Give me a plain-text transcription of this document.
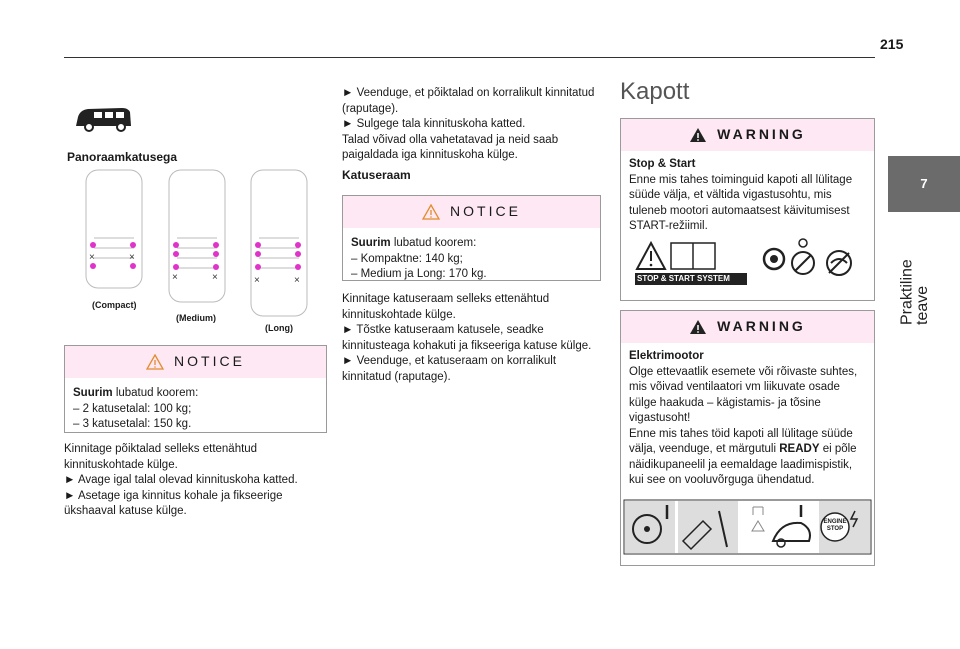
215
7
Praktiline teave
Panoraamkatusega
×	×
×	×	×	×
(Compact)
(Medium)
(Long)
NOTICE
Suurim lubatud koorem:
– 2 katusetalal: 100 kg;
– 3 katusetalal: 150 kg.
Kinnitage põiktalad selleks ettenähtud kinnituskohtade külge.
► Avage igal talal olevad kinnituskoha katted.
► Asetage iga kinnitus kohale ja fikseerige ükshaaval katuse külge.
► Veenduge, et põiktalad on korralikult kinnitatud (raputage).
► Sulgege tala kinnituskoha katted.
Talad võivad olla vahetatavad ja neid saab paigaldada iga kinnituskoha külge.
Katuseraam
NOTICE
Suurim lubatud koorem:
– Kompaktne: 140 kg;
– Medium ja Long: 170 kg.
Kinnitage katuseraam selleks ettenähtud kinnituskohtade külge.
► Tõstke katuseraam katusele, seadke kinnitusteaga kohakuti ja fikseeriga katuse külge.
► Veenduge, et katuseraam on korralikult kinnitatud (raputage).
Kapott
WARNING
Stop & Start
Enne mis tahes toiminguid kapoti all lülitage süüde välja, et vältida vigastusohtu, mis tuleneb mootori automaatsest käivitumisest START-režiimil.
STOP & START SYSTEM
WARNING
Elektrimootor
Olge ettevaatlik esemete või rõivaste suhtes, mis võivad ventilaatori vm liikuvate osade külge haakuda – kägistamis- ja tõsine vigastusoht!
Enne mis tahes töid kapoti all lülitage süüde välja, veenduge, et märgutuli READY ei põle näidikupaneelil ja eemaldage laadimispistik, kui see on vooluvõrguga ühendatud.
ENGINE STOP
